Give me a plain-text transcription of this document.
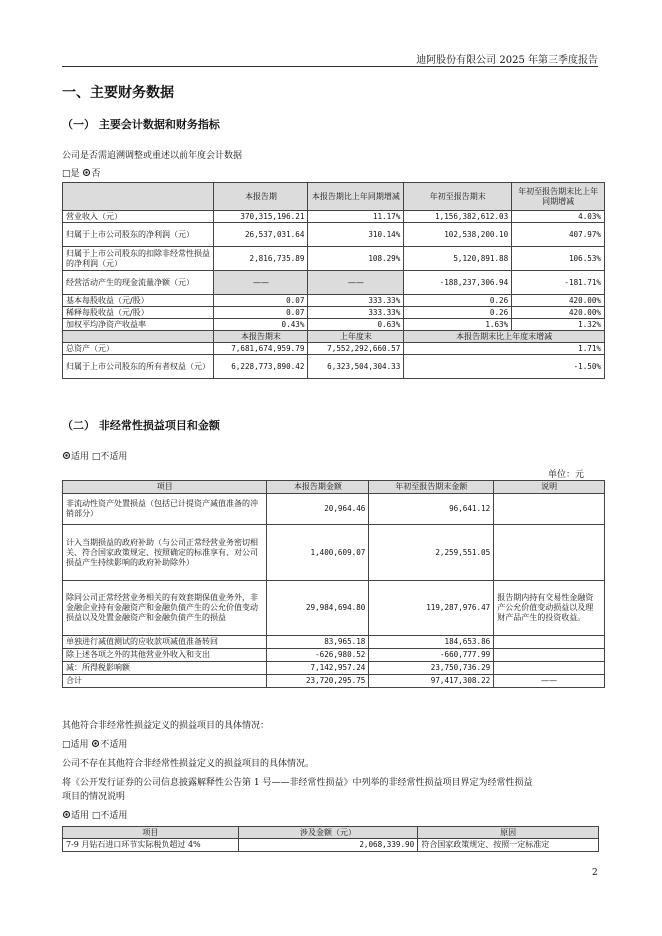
迪阿股份有限公司 2025 年第三季度报告
一、主要财务数据
（一） 主要会计数据和财务指标
公司是否需追溯调整或重述以前年度会计数据
□是 否
	本报告期	本报告期比上年同期增减	年初至报告期末	年初至报告期末比上年同期增减
营业收入（元）	370,315,196.21	11.17%	1,156,382,612.03	4.03%
归属于上市公司股东的净利润（元）	26,537,031.64	310.14%	102,538,200.10	407.97%
归属于上市公司股东的扣除非经常性损益的净利润（元）	2,816,735.89	108.29%	5,120,891.88	106.53%
经营活动产生的现金流量净额（元）	——	——	-188,237,306.94	-181.71%
基本每股收益（元/股）	0.07	333.33%	0.26	420.00%
稀释每股收益（元/股）	0.07	333.33%	0.26	420.00%
加权平均净资产收益率	0.43%	0.63%	1.63%	1.32%
	本报告期末	上年度末	本报告期末比上年度末增减	
总资产（元）	7,681,674,959.79	7,552,292,660.57	1.71%	
归属于上市公司股东的所有者权益（元）	6,228,773,890.42	6,323,504,304.33	-1.50%	
（二） 非经常性损益项目和金额
适用 □不适用
单位：元
项目	本报告期金额	年初至报告期末金额	说明
非流动性资产处置损益（包括已计提资产减值准备的冲销部分）	20,964.46	96,641.12	
计入当期损益的政府补助（与公司正常经营业务密切相关、符合国家政策规定、按照确定的标准享有、对公司损益产生持续影响的政府补助除外）	1,400,609.07	2,259,551.05	
除同公司正常经营业务相关的有效套期保值业务外，非金融企业持有金融资产和金融负债产生的公允价值变动损益以及处置金融资产和金融负债产生的损益	29,984,694.80	119,287,976.47	报告期内持有交易性金融资产公允价值变动损益以及理财产品产生的投资收益。
单独进行减值测试的应收款项减值准备转回	83,965.18	184,653.86	
除上述各项之外的其他营业外收入和支出	-626,980.52	-660,777.99	
减：所得税影响额	7,142,957.24	23,750,736.29	
合计	23,720,295.75	97,417,308.22	——
其他符合非经常性损益定义的损益项目的具体情况：
□适用 不适用
公司不存在其他符合非经常性损益定义的损益项目的具体情况。
将《公开发行证券的公司信息披露解释性公告第 1 号——非经常性损益》中列举的非经常性损益项目界定为经常性损益
项目的情况说明
适用 □不适用
项目	涉及金额（元）	原因
7-9 月钻石进口环节实际税负超过 4%	2,068,339.90	符合国家政策规定、按照一定标准定
2
